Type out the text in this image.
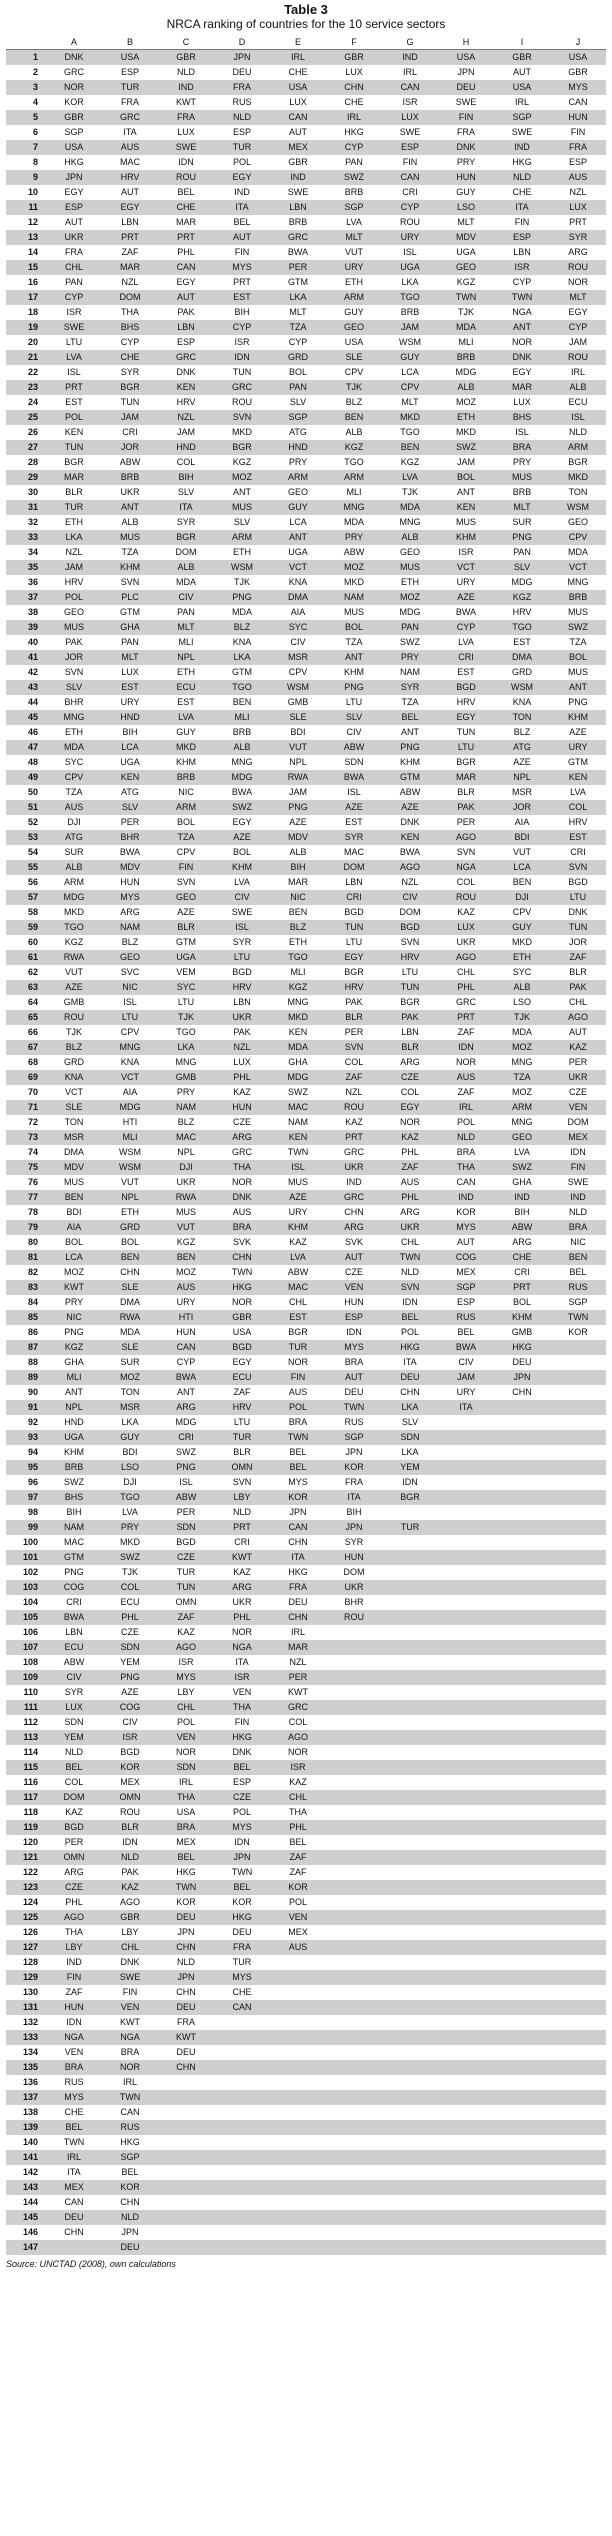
Table 3
NRCA ranking of countries for the 10 service sectors
	A	B	C	D	E	F	G	H	I	J
1	DNK	USA	GBR	JPN	IRL	GBR	IND	USA	GBR	USA
2	GRC	ESP	NLD	DEU	CHE	LUX	IRL	JPN	AUT	GBR
3	NOR	TUR	IND	FRA	USA	CHN	CAN	DEU	USA	MYS
4	KOR	FRA	KWT	RUS	LUX	CHE	ISR	SWE	IRL	CAN
5	GBR	GRC	FRA	NLD	CAN	IRL	LUX	FIN	SGP	HUN
6	SGP	ITA	LUX	ESP	AUT	HKG	SWE	FRA	SWE	FIN
7	USA	AUS	SWE	TUR	MEX	CYP	ESP	DNK	IND	FRA
8	HKG	MAC	IDN	POL	GBR	PAN	FIN	PRY	HKG	ESP
9	JPN	HRV	ROU	EGY	IND	SWZ	CAN	HUN	NLD	AUS
10	EGY	AUT	BEL	IND	SWE	BRB	CRI	GUY	CHE	NZL
11	ESP	EGY	CHE	ITA	LBN	SGP	CYP	LSO	ITA	LUX
12	AUT	LBN	MAR	BEL	BRB	LVA	ROU	MLT	FIN	PRT
13	UKR	PRT	PRT	AUT	GRC	MLT	URY	MDV	ESP	SYR
14	FRA	ZAF	PHL	FIN	BWA	VUT	ISL	UGA	LBN	ARG
15	CHL	MAR	CAN	MYS	PER	URY	UGA	GEO	ISR	ROU
16	PAN	NZL	EGY	PRT	GTM	ETH	LKA	KGZ	CYP	NOR
17	CYP	DOM	AUT	EST	LKA	ARM	TGO	TWN	TWN	MLT
18	ISR	THA	PAK	BIH	MLT	GUY	BRB	TJK	NGA	EGY
19	SWE	BHS	LBN	CYP	TZA	GEO	JAM	MDA	ANT	CYP
20	LTU	CYP	ESP	ISR	CYP	USA	WSM	MLI	NOR	JAM
21	LVA	CHE	GRC	IDN	GRD	SLE	GUY	BRB	DNK	ROU
22	ISL	SYR	DNK	TUN	BOL	CPV	LCA	MDG	EGY	IRL
23	PRT	BGR	KEN	GRC	PAN	TJK	CPV	ALB	MAR	ALB
24	EST	TUN	HRV	ROU	SLV	BLZ	MLT	MOZ	LUX	ECU
25	POL	JAM	NZL	SVN	SGP	BEN	MKD	ETH	BHS	ISL
26	KEN	CRI	JAM	MKD	ATG	ALB	TGO	MKD	ISL	NLD
27	TUN	JOR	HND	BGR	HND	KGZ	BEN	SWZ	BRA	ARM
28	BGR	ABW	COL	KGZ	PRY	TGO	KGZ	JAM	PRY	BGR
29	MAR	BRB	BIH	MOZ	ARM	ARM	LVA	BOL	MUS	MKD
30	BLR	UKR	SLV	ANT	GEO	MLI	TJK	ANT	BRB	TON
31	TUR	ANT	ITA	MUS	GUY	MNG	MDA	KEN	MLT	WSM
32	ETH	ALB	SYR	SLV	LCA	MDA	MNG	MUS	SUR	GEO
33	LKA	MUS	BGR	ARM	ANT	PRY	ALB	KHM	PNG	CPV
34	NZL	TZA	DOM	ETH	UGA	ABW	GEO	ISR	PAN	MDA
35	JAM	KHM	ALB	WSM	VCT	MOZ	MUS	VCT	SLV	VCT
36	HRV	SVN	MDA	TJK	KNA	MKD	ETH	URY	MDG	MNG
37	POL	PLC	CIV	PNG	DMA	NAM	MOZ	AZE	KGZ	BRB
38	GEO	GTM	PAN	MDA	AIA	MUS	MDG	BWA	HRV	MUS
39	MUS	GHA	MLT	BLZ	SYC	BOL	PAN	CYP	TGO	SWZ
40	PAK	PAN	MLI	KNA	CIV	TZA	SWZ	LVA	EST	TZA
41	JOR	MLT	NPL	LKA	MSR	ANT	PRY	CRI	DMA	BOL
42	SVN	LUX	ETH	GTM	CPV	KHM	NAM	EST	GRD	MUS
43	SLV	EST	ECU	TGO	WSM	PNG	SYR	BGD	WSM	ANT
44	BHR	URY	EST	BEN	GMB	LTU	TZA	HRV	KNA	PNG
45	MNG	HND	LVA	MLI	SLE	SLV	BEL	EGY	TON	KHM
46	ETH	BIH	GUY	BRB	BDI	CIV	ANT	TUN	BLZ	AZE
47	MDA	LCA	MKD	ALB	VUT	ABW	PNG	LTU	ATG	URY
48	SYC	UGA	KHM	MNG	NPL	SDN	KHM	BGR	AZE	GTM
49	CPV	KEN	BRB	MDG	RWA	BWA	GTM	MAR	NPL	KEN
50	TZA	ATG	NIC	BWA	JAM	ISL	ABW	BLR	MSR	LVA
51	AUS	SLV	ARM	SWZ	PNG	AZE	AZE	PAK	JOR	COL
52	DJI	PER	BOL	EGY	AZE	EST	DNK	PER	AIA	HRV
53	ATG	BHR	TZA	AZE	MDV	SYR	KEN	AGO	BDI	EST
54	SUR	BWA	CPV	BOL	ALB	MAC	BWA	SVN	VUT	CRI
55	ALB	MDV	FIN	KHM	BIH	DOM	AGO	NGA	LCA	SVN
56	ARM	HUN	SVN	LVA	MAR	LBN	NZL	COL	BEN	BGD
57	MDG	MYS	GEO	CIV	NIC	CRI	CIV	ROU	DJI	LTU
58	MKD	ARG	AZE	SWE	BEN	BGD	DOM	KAZ	CPV	DNK
59	TGO	NAM	BLR	ISL	BLZ	TUN	BGD	LUX	GUY	TUN
60	KGZ	BLZ	GTM	SYR	ETH	LTU	SVN	UKR	MKD	JOR
61	RWA	GEO	UGA	LTU	TGO	EGY	HRV	AGO	ETH	ZAF
62	VUT	SVC	VEM	BGD	MLI	BGR	LTU	CHL	SYC	BLR
63	AZE	NIC	SYC	HRV	KGZ	HRV	TUN	PHL	ALB	PAK
64	GMB	ISL	LTU	LBN	MNG	PAK	BGR	GRC	LSO	CHL
65	ROU	LTU	TJK	UKR	MKD	BLR	PAK	PRT	TJK	AGO
66	TJK	CPV	TGO	PAK	KEN	PER	LBN	ZAF	MDA	AUT
67	BLZ	MNG	LKA	NZL	MDA	SVN	BLR	IDN	MOZ	KAZ
68	GRD	KNA	MNG	LUX	GHA	COL	ARG	NOR	MNG	PER
69	KNA	VCT	GMB	PHL	MDG	ZAF	CZE	AUS	TZA	UKR
70	VCT	AIA	PRY	KAZ	SWZ	NZL	COL	ZAF	MOZ	CZE
71	SLE	MDG	NAM	HUN	MAC	ROU	EGY	IRL	ARM	VEN
72	TON	HTI	BLZ	CZE	NAM	KAZ	NOR	POL	MNG	DOM
73	MSR	MLI	MAC	ARG	KEN	PRT	KAZ	NLD	GEO	MEX
74	DMA	WSM	NPL	GRC	TWN	GRC	PHL	BRA	LVA	IDN
75	MDV	WSM	DJI	THA	ISL	UKR	ZAF	THA	SWZ	FIN
76	MUS	VUT	UKR	NOR	MUS	IND	AUS	CAN	GHA	SWE
77	BEN	NPL	RWA	DNK	AZE	GRC	PHL	IND	IND	IND
78	BDI	ETH	MUS	AUS	URY	CHN	ARG	KOR	BIH	NLD
79	AIA	GRD	VUT	BRA	KHM	ARG	UKR	MYS	ABW	BRA
80	BOL	BOL	KGZ	SVK	KAZ	SVK	CHL	AUT	ARG	NIC
81	LCA	BEN	BEN	CHN	LVA	AUT	TWN	COG	CHE	BEN
82	MOZ	CHN	MOZ	TWN	ABW	CZE	NLD	MEX	CRI	BEL
83	KWT	SLE	AUS	HKG	MAC	VEN	SVN	SGP	PRT	RUS
84	PRY	DMA	URY	NOR	CHL	HUN	IDN	ESP	BOL	SGP
85	NIC	RWA	HTI	GBR	EST	ESP	BEL	RUS	KHM	TWN
86	PNG	MDA	HUN	USA	BGR	IDN	POL	BEL	GMB	KOR
87	KGZ	SLE	CAN	BGD	TUR	MYS	HKG	BWA	HKG	
88	GHA	SUR	CYP	EGY	NOR	BRA	ITA	CIV	DEU	
89	MLI	MOZ	BWA	ECU	FIN	AUT	DEU	JAM	JPN	
90	ANT	TON	ANT	ZAF	AUS	DEU	CHN	URY	CHN	
91	NPL	MSR	ARG	HRV	POL	TWN	LKA	ITA		
92	HND	LKA	MDG	LTU	BRA	RUS	SLV			
93	UGA	GUY	CRI	TUR	TWN	SGP	SDN			
94	KHM	BDI	SWZ	BLR	BEL	JPN	LKA			
95	BRB	LSO	PNG	OMN	BEL	KOR	YEM			
96	SWZ	DJI	ISL	SVN	MYS	FRA	IDN			
97	BHS	TGO	ABW	LBY	KOR	ITA	BGR			
98	BIH	LVA	PER	NLD	JPN	BIH				
99	NAM	PRY	SDN	PRT	CAN	JPN	TUR			
100	MAC	MKD	BGD	CRI	CHN	SYR				
101	GTM	SWZ	CZE	KWT	ITA	HUN				
102	PNG	TJK	TUR	KAZ	HKG	DOM				
103	COG	COL	TUN	ARG	FRA	UKR				
104	CRI	ECU	OMN	UKR	DEU	BHR				
105	BWA	PHL	ZAF	PHL	CHN	ROU				
106	LBN	CZE	KAZ	NOR	IRL					
107	ECU	SDN	AGO	NGA	MAR					
108	ABW	YEM	ISR	ITA	NZL					
109	CIV	PNG	MYS	ISR	PER					
110	SYR	AZE	LBY	VEN	KWT					
111	LUX	COG	CHL	THA	GRC					
112	SDN	CIV	POL	FIN	COL					
113	YEM	ISR	VEN	HKG	AGO					
114	NLD	BGD	NOR	DNK	NOR					
115	BEL	KOR	SDN	BEL	ISR					
116	COL	MEX	IRL	ESP	KAZ					
117	DOM	OMN	THA	CZE	CHL					
118	KAZ	ROU	USA	POL	THA					
119	BGD	BLR	BRA	MYS	PHL					
120	PER	IDN	MEX	IDN	BEL					
121	OMN	NLD	BEL	JPN	ZAF					
122	ARG	PAK	HKG	TWN	ZAF					
123	CZE	KAZ	TWN	BEL	KOR					
124	PHL	AGO	KOR	KOR	POL					
125	AGO	GBR	DEU	HKG	VEN					
126	THA	LBY	JPN	DEU	MEX					
127	LBY	CHL	CHN	FRA	AUS					
128	IND	DNK	NLD	TUR						
129	FIN	SWE	JPN	MYS						
130	ZAF	FIN	CHN	CHE						
131	HUN	VEN	DEU	CAN						
132	IDN	KWT	FRA							
133	NGA	NGA	KWT							
134	VEN	BRA	DEU							
135	BRA	NOR	CHN							
136	RUS	IRL								
137	MYS	TWN								
138	CHE	CAN								
139	BEL	RUS								
140	TWN	HKG								
141	IRL	SGP								
142	ITA	BEL								
143	MEX	KOR								
144	CAN	CHN								
145	DEU	NLD								
146	CHN	JPN								
147		DEU								
Source: UNCTAD (2008), own calculations
